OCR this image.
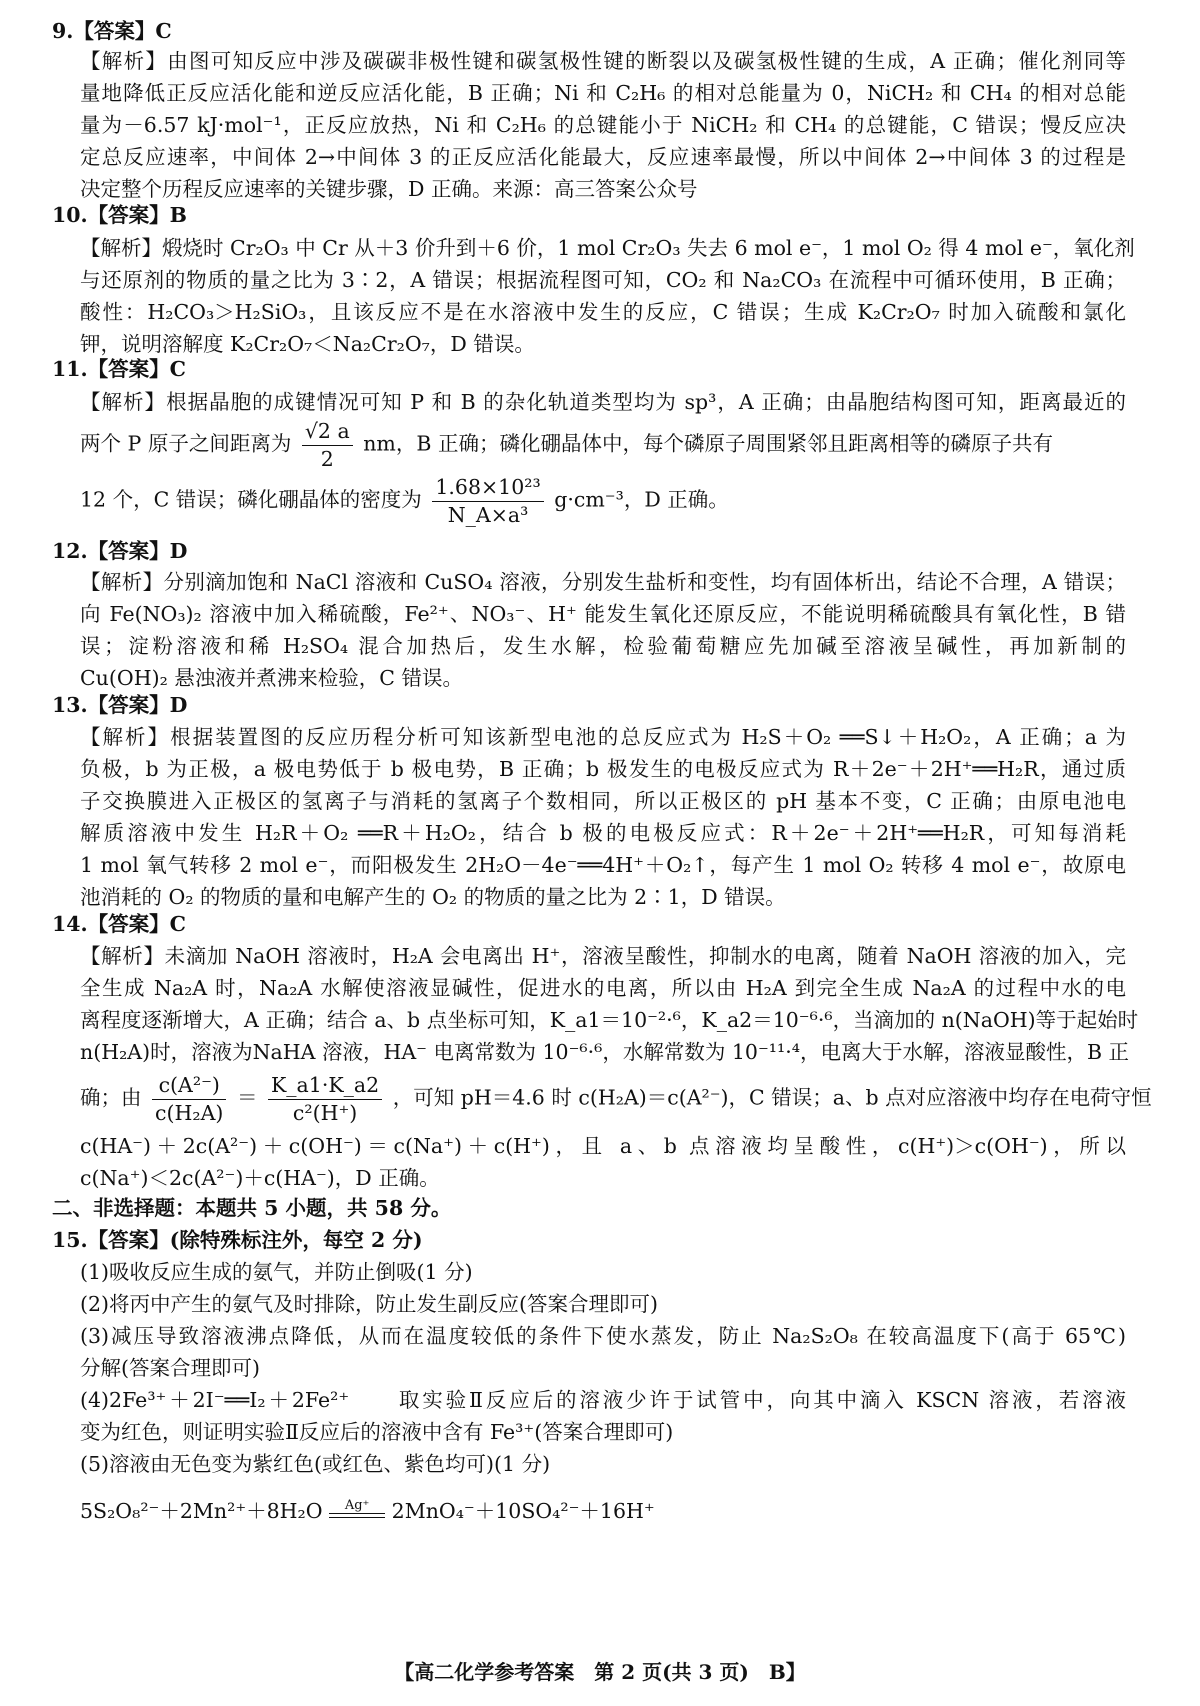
9.【答案】C
【解析】由图可知反应中涉及碳碳非极性键和碳氢极性键的断裂以及碳氢极性键的生成，A 正确；催化剂同等
量地降低正反应活化能和逆反应活化能，B 正确；Ni 和 C₂H₆ 的相对总能量为 0，NiCH₂ 和 CH₄ 的相对总能
量为－6.57 kJ·mol⁻¹，正反应放热，Ni 和 C₂H₆ 的总键能小于 NiCH₂ 和 CH₄ 的总键能，C 错误；慢反应决
定总反应速率，中间体 2→中间体 3 的正反应活化能最大，反应速率最慢，所以中间体 2→中间体 3 的过程是
决定整个历程反应速率的关键步骤，D 正确。来源：高三答案公众号
10.【答案】B
【解析】煅烧时 Cr₂O₃ 中 Cr 从＋3 价升到＋6 价，1 mol Cr₂O₃ 失去 6 mol e⁻，1 mol O₂ 得 4 mol e⁻，氧化剂
与还原剂的物质的量之比为 3∶2，A 错误；根据流程图可知，CO₂ 和 Na₂CO₃ 在流程中可循环使用，B 正确；
酸性：H₂CO₃＞H₂SiO₃，且该反应不是在水溶液中发生的反应，C 错误；生成 K₂Cr₂O₇ 时加入硫酸和氯化
钾，说明溶解度 K₂Cr₂O₇＜Na₂Cr₂O₇，D 错误。
11.【答案】C
【解析】根据晶胞的成键情况可知 P 和 B 的杂化轨道类型均为 sp³，A 正确；由晶胞结构图可知，距离最近的
两个 P 原子之间距离为 $\frac{√2 a}{2}$ nm，B 正确；磷化硼晶体中，每个磷原子周围紧邻且距离相等的磷原子共有
12 个，C 错误；磷化硼晶体的密度为 $\frac{\text{1.68×10²³}}{\text{N\_A×a³}} g\cdot cm^{-3}$，D 正确。
12.【答案】D
【解析】分别滴加饱和 NaCl 溶液和 CuSO₄ 溶液，分别发生盐析和变性，均有固体析出，结论不合理，A 错误；
向 Fe(NO₃)₂ 溶液中加入稀硫酸，Fe²⁺、NO₃⁻、H⁺ 能发生氧化还原反应，不能说明稀硫酸具有氧化性，B 错
误；淀粉溶液和稀 H₂SO₄ 混合加热后，发生水解，检验葡萄糖应先加碱至溶液呈碱性，再加新制的
Cu(OH)₂ 悬浊液并煮沸来检验，C 错误。
13.【答案】D
【解析】根据装置图的反应历程分析可知该新型电池的总反应式为 H₂S＋O₂ ══S↓＋H₂O₂，A 正确；a 为
负极，b 为正极，a 极电势低于 b 极电势，B 正确；b 极发生的电极反应式为 R＋2e⁻＋2H⁺══H₂R，通过质
子交换膜进入正极区的氢离子与消耗的氢离子个数相同，所以正极区的 pH 基本不变，C 正确；由原电池电
解质溶液中发生 H₂R＋O₂ ══R＋H₂O₂，结合 b 极的电极反应式：R＋2e⁻＋2H⁺══H₂R，可知每消耗
1 mol 氧气转移 2 mol e⁻，而阳极发生 2H₂O－4e⁻══4H⁺＋O₂↑，每产生 1 mol O₂ 转移 4 mol e⁻，故原电
池消耗的 O₂ 的物质的量和电解产生的 O₂ 的物质的量之比为 2∶1，D 错误。
14.【答案】C
【解析】未滴加 NaOH 溶液时，H₂A 会电离出 H⁺，溶液呈酸性，抑制水的电离，随着 NaOH 溶液的加入，完
全生成 Na₂A 时，Na₂A 水解使溶液显碱性，促进水的电离，所以由 H₂A 到完全生成 Na₂A 的过程中水的电
离程度逐渐增大，A 正确；结合 a、b 点坐标可知，K_a1＝10⁻²·⁶，K_a2＝10⁻⁶·⁶，当滴加的 n(NaOH)等于起始时
n(H₂A)时，溶液为NaHA 溶液，HA⁻ 电离常数为 10⁻⁶·⁶，水解常数为 10⁻¹¹·⁴，电离大于水解，溶液显酸性，B 正
确；由 $\frac{\text{c(A²⁻)}}{\text{c(H₂A)}} = \frac{K\_a1\cdot K\_a2}{\text{c²(H⁺)}}$ ，可知 pH＝4.6 时 c(H₂A)＝c(A²⁻)，C 错误；a、b 点对应溶液中均存在电荷守恒
c(HA⁻)＋2c(A²⁻)＋c(OH⁻)＝c(Na⁺)＋c(H⁺)，且 a、b 点溶液均呈酸性，c(H⁺)＞c(OH⁻)，所以
c(Na⁺)＜2c(A²⁻)＋c(HA⁻)，D 正确。
二、非选择题：本题共 5 小题，共 58 分。
15.【答案】(除特殊标注外，每空 2 分)
(1)吸收反应生成的氨气，并防止倒吸(1 分)
(2)将丙中产生的氨气及时排除，防止发生副反应(答案合理即可)
(3)减压导致溶液沸点降低，从而在温度较低的条件下使水蒸发，防止 Na₂S₂O₈ 在较高温度下(高于 65℃)
分解(答案合理即可)
(4)2Fe³⁺＋2I⁻══I₂＋2Fe²⁺　　取实验Ⅱ反应后的溶液少许于试管中，向其中滴入 KSCN 溶液，若溶液
变为红色，则证明实验Ⅱ反应后的溶液中含有 Fe³⁺(答案合理即可)
(5)溶液由无色变为紫红色(或红色、紫色均可)(1 分)
5S₂O₈²⁻＋2Mn²⁺＋8H₂O	Ag⁺	2MnO₄⁻＋10SO₄²⁻＋16H⁺
【高二化学参考答案　第 2 页(共 3 页)　B】
